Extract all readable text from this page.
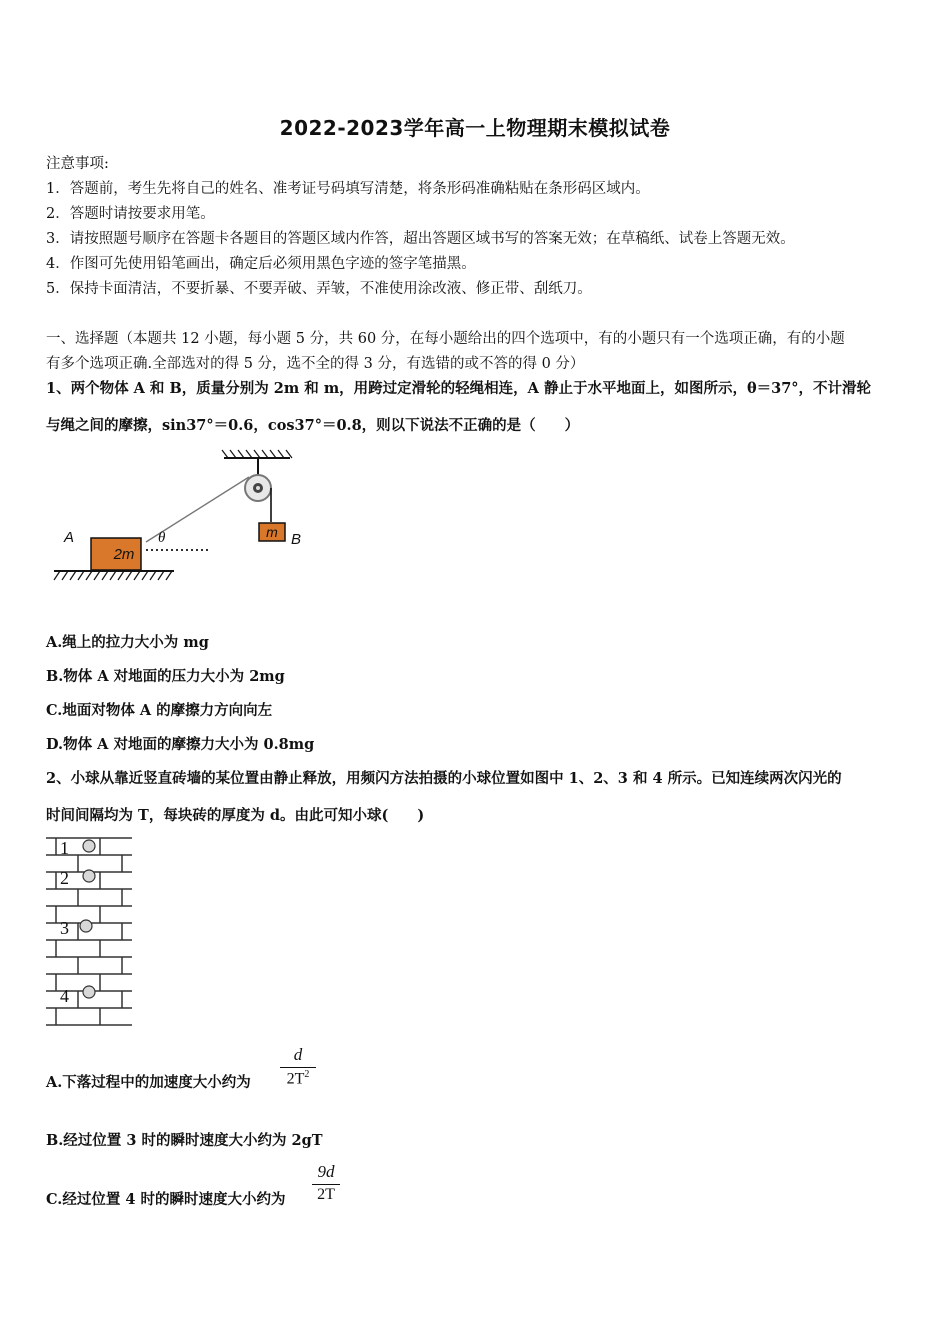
2022-2023学年高一上物理期末模拟试卷
注意事项:
1．答题前，考生先将自己的姓名、准考证号码填写清楚，将条形码准确粘贴在条形码区域内。
2．答题时请按要求用笔。
3．请按照题号顺序在答题卡各题目的答题区域内作答，超出答题区域书写的答案无效；在草稿纸、试卷上答题无效。
4．作图可先使用铅笔画出，确定后必须用黑色字迹的签字笔描黑。
5．保持卡面清洁，不要折暴、不要弄破、弄皱，不准使用涂改液、修正带、刮纸刀。
一、选择题（本题共 12 小题，每小题 5 分，共 60 分，在每小题给出的四个选项中，有的小题只有一个选项正确，有的小题
有多个选项正确.全部选对的得 5 分，选不全的得 3 分，有选错的或不答的得 0 分）
1、两个物体 A 和 B，质量分别为 2m 和 m，用跨过定滑轮的轻绳相连，A 静止于水平地面上，如图所示，θ＝37°，不计滑轮
与绳之间的摩擦，sin37°＝0.6，cos37°＝0.8，则以下说法不正确的是（　　）
m B
2m
A	θ
A.绳上的拉力大小为 mg
B.物体 A 对地面的压力大小为 2mg
C.地面对物体 A 的摩擦力方向向左
D.物体 A 对地面的摩擦力大小为 0.8mg
2、小球从靠近竖直砖墙的某位置由静止释放，用频闪方法拍摄的小球位置如图中 1、2、3 和 4 所示。已知连续两次闪光的
时间间隔均为 T，每块砖的厚度为 d。由此可知小球(　　)
1
2
3
4
A.下落过程中的加速度大小约为
d
$2T^2$
B.经过位置 3 时的瞬时速度大小约为 2gT
C.经过位置 4 时的瞬时速度大小约为
9d
2T
